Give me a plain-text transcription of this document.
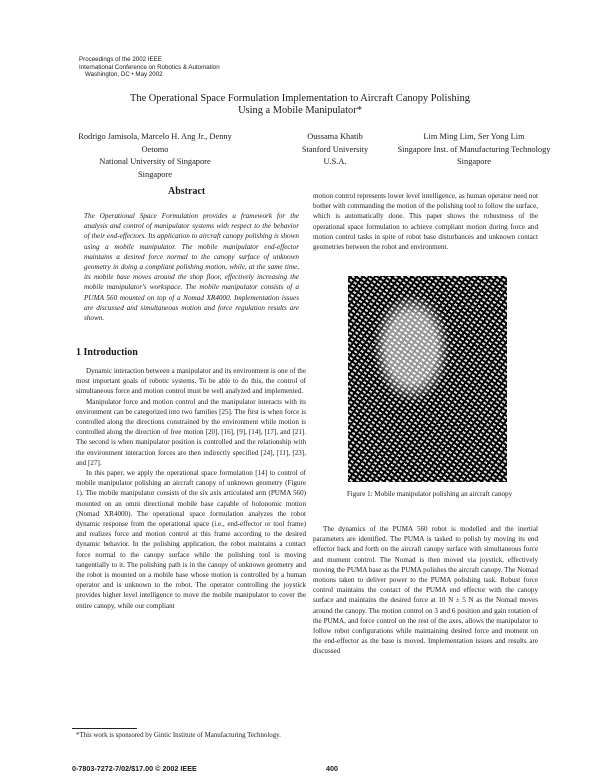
Proceedings of the 2002 IEEE
International Conference on Robotics & Automation
Washington, DC • May 2002
The Operational Space Formulation Implementation to Aircraft Canopy Polishing
Using a Mobile Manipulator*
Rodrigo Jamisola, Marcelo H. Ang Jr., Denny Oetomo
National University of Singapore
Singapore
Oussama Khatib
Stanford University
U.S.A.
Lim Ming Lim, Ser Yong Lim
Singapore Inst. of Manufacturing Technology
Singapore
Abstract
The Operational Space Formulation provides a framework for the analysis and control of manipulator systems with respect to the behavior of their end-effectors. Its application to aircraft canopy polishing is shown using a mobile manipulator. The mobile manipulator end-effector maintains a desired force normal to the canopy surface of unknown geometry in doing a compliant polishing motion, while, at the same time, its mobile base moves around the shop floor, effectively increasing the mobile manipulator's workspace. The mobile manipulator consists of a PUMA 560 mounted on top of a Nomad XR4000. Implementation issues are discussed and simultaneous motion and force regulation results are shown.
1 Introduction

Dynamic interaction between a manipulator and its environment is one of the most important goals of robotic systems. To be able to do this, the control of simultaneous force and motion control must be well analyzed and implemented.

Manipulator force and motion control and the manipulator interacts with its environment can be categorized into two families [25]. The first is when force is controlled along the directions constrained by the environment while motion is controlled along the direction of free motion [20], [16], [9], [14], [17], and [21]. The second is when manipulator position is controlled and the relationship with the environment interaction forces are then indirectly specified [24], [11], [23], and [27].

In this paper, we apply the operational space formulation [14] to control of mobile manipulator polishing an aircraft canopy of unknown geometry (Figure 1). The mobile manipulator consists of the six axis articulated arm (PUMA 560) mounted on an omni directional mobile base capable of holonomic motion (Nomad XR4000). The operational space formulation analyzes the robot dynamic response from the operational space (i.e., end-effector or tool frame) and realizes force and motion control at this frame according to the desired dynamic behavior. In the polishing application, the robot maintains a contact force normal to the canopy surface while the polishing tool is moving tangentially to it. The polishing path is in the canopy of unknown geometry and the robot is mounted on a mobile base whose motion is controlled by a human operator and is unknown to the robot. The operator controlling the joystick provides higher level intelligence to move the mobile manipulator to cover the entire canopy, while our compliant

*This work is sponsored by Gintic Institute of Manufacturing Technology.

motion control represents lower level intelligence, as human operator need not bother with commanding the motion of the polishing tool to follow the surface, which is automatically done. This paper shows the robustness of the operational space formulation to achieve compliant motion during force and motion control tasks in spite of robot base disturbances and unknown contact geometries between the robot and environment.

Figure 1: Mobile manipulator polishing an aircraft canopy

The dynamics of the PUMA 560 robot is modelled and the inertial parameters are identified. The PUMA is tasked to polish by moving its end effector back and forth on the aircraft canopy surface with simultaneous force and moment control. The Nomad is then moved via joystick, effectively moving the PUMA base as the PUMA polishes the aircraft canopy. The Nomad motions taken to deliver power to the PUMA polishing task. Robust force control maintains the contact of the PUMA end effector with the canopy surface and maintains the desired force at 10 N ± 5 N as the Nomad moves around the canopy. The motion control on 3 and 6 position and gain rotation of the PUMA, and force control on the rest of the axes, allows the manipulator to follow robot configurations while maintaining desired force and moment on the end-effector as the base is moved. Implementation issues and results are discussed

0-7803-7272-7/02/$17.00 © 2002 IEEE	400
